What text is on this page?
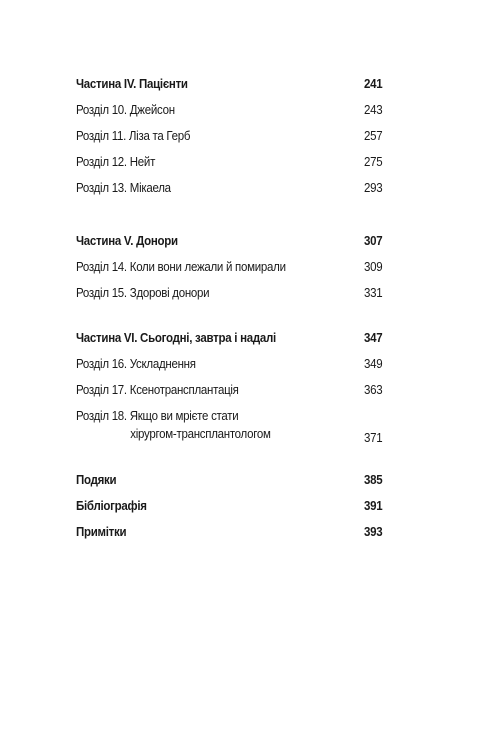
Частина IV. Пацієнти	241
Розділ 10. Джейсон	243
Розділ 11. Ліза та Герб	257
Розділ 12. Нейт	275
Розділ 13. Мікаела	293
Частина V. Донори	307
Розділ 14. Коли вони лежали й помирали	309
Розділ 15. Здорові донори	331
Частина VI. Сьогодні, завтра і надалі	347
Розділ 16. Ускладнення	349
Розділ 17. Ксенотрансплантація	363
Розділ 18. Якщо ви мрієте стати
хірургом-трансплантологом	371
Подяки	385
Бібліографія	391
Примітки	393
